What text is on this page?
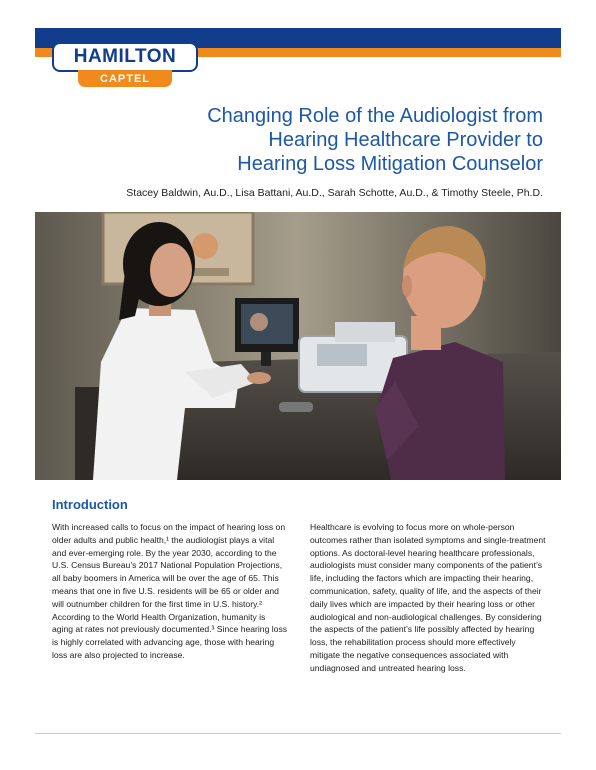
HAMILTON
CAPTEL
Changing Role of the Audiologist from
Hearing Healthcare Provider to
Hearing Loss Mitigation Counselor
Stacey Baldwin, Au.D., Lisa Battani, Au.D., Sarah Schotte, Au.D., & Timothy Steele, Ph.D.
Introduction
With increased calls to focus on the impact of hearing loss on older adults and public health,¹ the audiologist plays a vital and ever-emerging role. By the year 2030, according to the U.S. Census Bureau’s 2017 National Population Projections, all baby boomers in America will be over the age of 65. This means that one in five U.S. residents will be 65 or older and will outnumber children for the first time in U.S. history.² According to the World Health Organization, humanity is aging at rates not previously documented.³ Since hearing loss is highly correlated with advancing age, those with hearing loss are also projected to increase.
Healthcare is evolving to focus more on whole-person outcomes rather than isolated symptoms and single-treatment options. As doctoral-level hearing healthcare professionals, audiologists must consider many components of the patient’s life, including the factors which are impacting their hearing, communication, safety, quality of life, and the aspects of their daily lives which are impacted by their hearing loss or other audiological and non-audiological challenges. By considering the aspects of the patient’s life possibly affected by hearing loss, the rehabilitation process should more effectively mitigate the negative consequences associated with undiagnosed and untreated hearing loss.
